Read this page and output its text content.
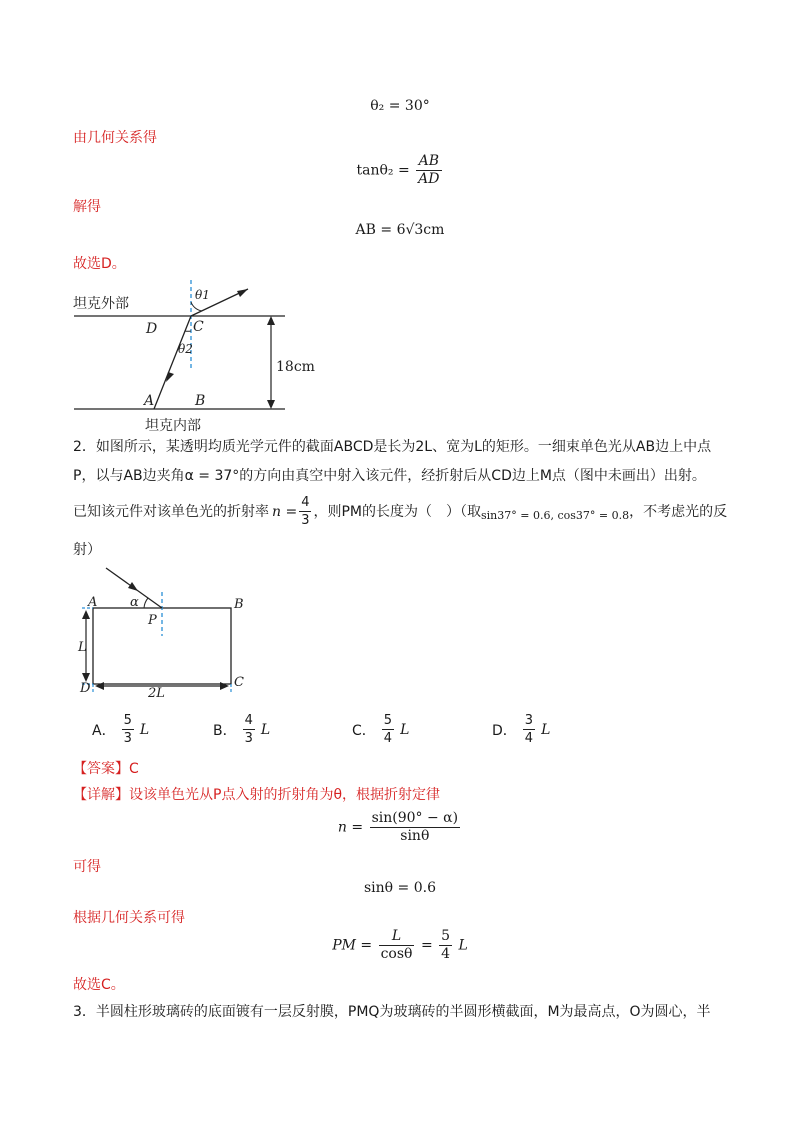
θ₂ = 30°
由几何关系得
$\tan\theta_2 = \frac{AB}{AD}$
解得
AB = 6√3cm
故选D。
坦克外部
坦克内部
D	C
A	B
θ1
θ2
18cm
2．如图所示，某透明均质光学元件的截面ABCD是长为2L、宽为L的矩形。一细束单色光从AB边上中点
P，以与AB边夹角α = 37°的方向由真空中射入该元件，经折射后从CD边上M点（图中未画出）出射。
已知该元件对该单色光的折射率 $n = \frac{4}{3}$ ，则PM的长度为（　）（取 sin37° = 0.6, cos37° = 0.8 ，不考虑光的反
射）
A	B
C
D
P
α
L
2L
A． $\frac{5}{3}$ L	B． $\frac{4}{3}$ L	C． $\frac{5}{4}$ L	D． $\frac{3}{4}$ L
【答案】C
【详解】设该单色光从P点入射的折射角为θ，根据折射定律
$n = \frac{\sin(90^\circ - \alpha)}{\sin\theta}$
可得
sinθ = 0.6
根据几何关系可得
PM = $\frac{L}{\cos\theta} = \frac{5}{4}$ L
故选C。
3．半圆柱形玻璃砖的底面镀有一层反射膜，PMQ为玻璃砖的半圆形横截面，M为最高点，O为圆心，半
